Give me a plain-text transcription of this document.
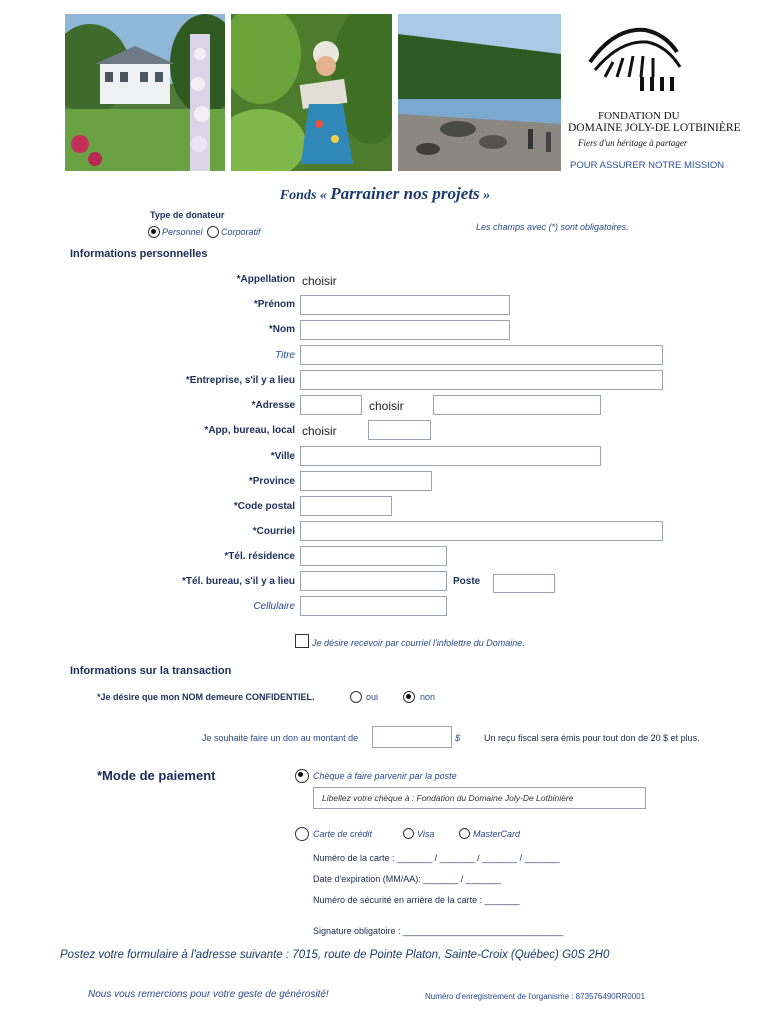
FONDATION DU
DOMAINE JOLY-DE LOTBINIÈRE
Fiers d'un héritage à partager
POUR ASSURER NOTRE MISSION
Fonds « Parrainer nos projets »
Type de donateur
Personnel Corporatif	Les champs avec (*) sont obligatoires.
Informations personnelles
*Appellation choisir
*Prénom
*Nom
Titre
*Entreprise, s'il y a lieu
*Adresse	choisir
*App, bureau, local choisir
*Ville
*Province
*Code postal
*Courriel
*Tél. résidence
*Tél. bureau, s'il y a lieu	Poste
Cellulaire
Je désire recevoir par courriel l'infolettre du Domaine.
Informations sur la transaction
*Je désire que mon NOM demeure CONFIDENTIEL.	oui	non
Je souhaite faire un don au montant de	$	Un reçu fiscal sera émis pour tout don de 20 $ et plus.
*Mode de paiement	Chèque à faire parvenir par la poste
Libellez votre chèque à : Fondation du Domaine Joly-De Lotbinière
Carte de crédit	Visa	MasterCard
Numéro de la carte : _______ / _______ / _______ / _______
Date d'expiration (MM/AA): _______ / _______
Numéro de sécurité en arrière de la carte : _______
Signature obligatoire : ________________________________
Postez votre formulaire à l'adresse suivante : 7015, route de Pointe Platon, Sainte-Croix (Québec) G0S 2H0
Nous vous remercions pour votre geste de générosité!	Numéro d'enregistrement de l'organisme : 873576490RR0001
